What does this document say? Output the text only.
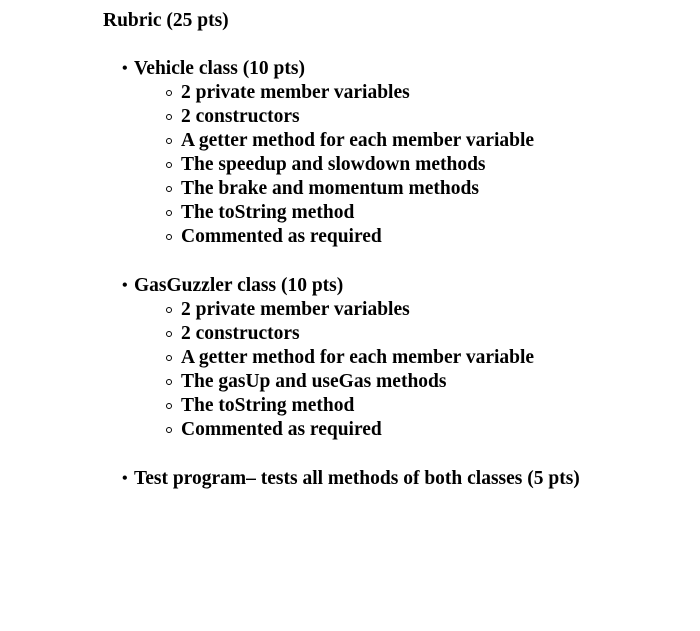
Rubric (25 pts)
• Vehicle class (10 pts)
2 private member variables
2 constructors
A getter method for each member variable
The speedup and slowdown methods
The brake and momentum methods
The toString method
Commented as required
• GasGuzzler class (10 pts)
2 private member variables
2 constructors
A getter method for each member variable
The gasUp and useGas methods
The toString method
Commented as required
• Test program– tests all methods of both classes (5 pts)
